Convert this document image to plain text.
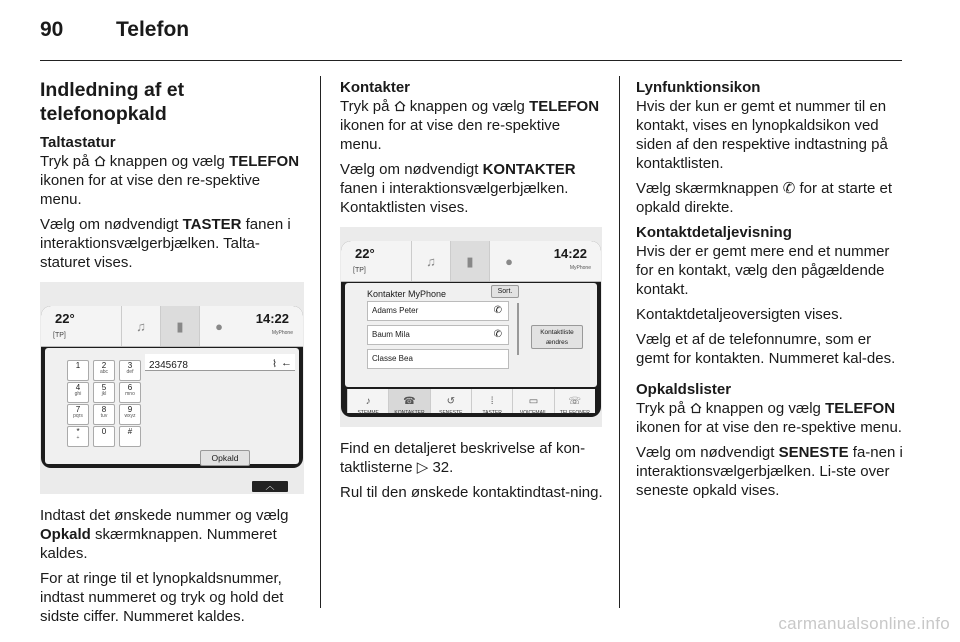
90	Telefon
Indledning af et telefonopkald
Taltastatur

Tryk på knappen og vælg TELEFON ikonen for at vise den re-spektive menu.

Vælg om nødvendigt TASTER fanen i interaktionsvælgerbjælken. Talta-staturet vises.

22°
[TP]
♫	▮	●	14:22
MyPhone
2345678	⌇ ←
1	2
abc
3
def
4
ghi
5
jkl
6
mno
7
pqrs
8
tuv
9
wxyz
*
+
0	#
Opkald
︿

Indtast det ønskede nummer og vælg Opkald skærmknappen. Nummeret kaldes.

For at ringe til et lynopkaldsnummer, indtast nummeret og tryk og hold det sidste ciffer. Nummeret kaldes.

Kontakter

Tryk på knappen og vælg TELEFON ikonen for at vise den re-spektive menu.

Vælg om nødvendigt KONTAKTER fanen i interaktionsvælgerbjælken. Kontaktlisten vises.

22°
[TP]
♫	▮	●	14:22
MyPhone
Kontakter MyPhone	Sort.
Adams Peter	✆
Baum Mila	✆
Classe Bea
Kontaktliste
ændres
♪
STEMME
☎
KONTAKTER
↺
SENESTE
⁞
TASTER
▭
VOICEMAIL
☏
TELEFONER

Find en detaljeret beskrivelse af kon-taktlisterne ▷ 32.

Rul til den ønskede kontaktindtast-ning.

Lynfunktionsikon

Hvis der kun er gemt et nummer til en kontakt, vises en lynopkaldsikon ved siden af den respektive indtastning på kontaktlisten.

Vælg skærmknappen ✆ for at starte et opkald direkte.

Kontaktdetaljevisning

Hvis der er gemt mere end et nummer for en kontakt, vælg den pågældende kontakt.

Kontaktdetaljeoversigten vises.

Vælg et af de telefonnumre, som er gemt for kontakten. Nummeret kal-des.

Opkaldslister

Tryk på knappen og vælg TELEFON ikonen for at vise den re-spektive menu.

Vælg om nødvendigt SENESTE fa-nen i interaktionsvælgerbjælken. Li-ste over seneste opkald vises.

carmanualsonline.info
